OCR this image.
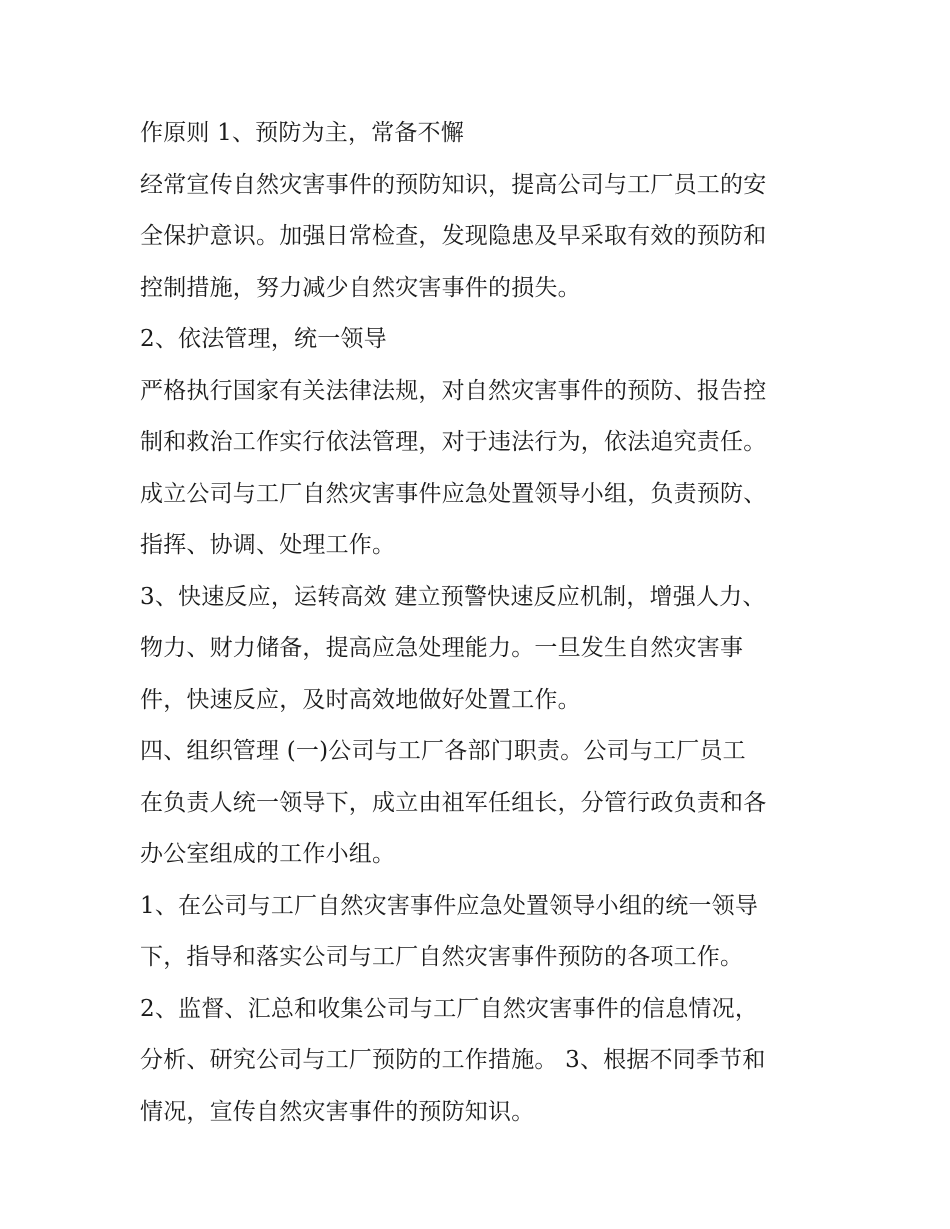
作原则 1、预防为主，常备不懈
经常宣传自然灾害事件的预防知识，提高公司与工厂员工的安
全保护意识。加强日常检查，发现隐患及早采取有效的预防和
控制措施，努力减少自然灾害事件的损失。
2、依法管理，统一领导
严格执行国家有关法律法规，对自然灾害事件的预防、报告控
制和救治工作实行依法管理，对于违法行为，依法追究责任。
成立公司与工厂自然灾害事件应急处置领导小组，负责预防、
指挥、协调、处理工作。
3、快速反应，运转高效 建立预警快速反应机制，增强人力、
物力、财力储备，提高应急处理能力。一旦发生自然灾害事
件，快速反应，及时高效地做好处置工作。
四、组织管理 (一)公司与工厂各部门职责。公司与工厂员工
在负责人统一领导下，成立由祖军任组长，分管行政负责和各
办公室组成的工作小组。
1、在公司与工厂自然灾害事件应急处置领导小组的统一领导
下，指导和落实公司与工厂自然灾害事件预防的各项工作。
2、监督、汇总和收集公司与工厂自然灾害事件的信息情况，
分析、研究公司与工厂预防的工作措施。 3、根据不同季节和
情况，宣传自然灾害事件的预防知识。
